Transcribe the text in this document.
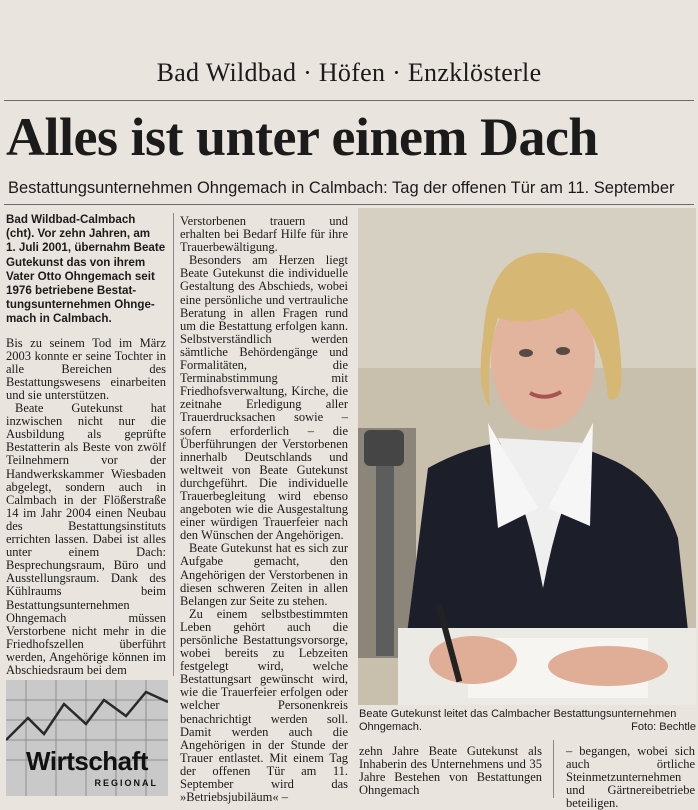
Bad Wildbad · Höfen · Enzklösterle
Alles ist unter einem Dach
Bestattungsunternehmen Ohngemach in Calmbach: Tag der offenen Tür am 11. September
Bad Wildbad-Calmbach
(cht). Vor zehn Jahren, am
1. Juli 2001, übernahm Beate
Gutekunst das von ihrem
Vater Otto Ohngemach seit
1976 betriebene Bestat-
tungsunternehmen Ohnge-
mach in Calmbach.

Bis zu seinem Tod im März 2003 konnte er seine Tochter in alle Bereichen des Bestattungswesens einarbeiten und sie unterstützen.

Beate Gutekunst hat inzwischen nicht nur die Ausbildung als geprüfte Bestatterin als Beste von zwölf Teilnehmern vor der Handwerkskammer Wiesbaden abgelegt, sondern auch in Calmbach in der Flößerstraße 14 im Jahr 2004 einen Neubau des Bestattungsinstituts errichten lassen. Dabei ist alles unter einem Dach: Besprechungsraum, Büro und Ausstellungsraum. Dank des Kühlraums beim Bestattungsunternehmen Ohngemach müssen Verstorbene nicht mehr in die Friedhofszellen überführt werden, Angehörige können im Abschiedsraum bei dem

Verstorbenen trauern und erhalten bei Bedarf Hilfe für ihre Trauerbewältigung.

Besonders am Herzen liegt Beate Gutekunst die individuelle Gestaltung des Abschieds, wobei eine persönliche und vertrauliche Beratung in allen Fragen rund um die Bestattung erfolgen kann. Selbstverständlich werden sämtliche Behördengänge und Formalitäten, die Terminabstimmung mit Friedhofsverwaltung, Kirche, die zeitnahe Erledigung aller Trauerdrucksachen sowie – sofern erforderlich – die Überführungen der Verstorbenen innerhalb Deutschlands und weltweit von Beate Gutekunst durchgeführt. Die individuelle Trauerbegleitung wird ebenso angeboten wie die Ausgestaltung einer würdigen Trauerfeier nach den Wünschen der Angehörigen.

Beate Gutekunst hat es sich zur Aufgabe gemacht, den Angehörigen der Verstorbenen in diesen schweren Zeiten in allen Belangen zur Seite zu stehen.

Zu einem selbstbestimmten Leben gehört auch die persönliche Bestattungsvorsorge, wobei bereits zu Lebzeiten festgelegt wird, welche Bestattungsart gewünscht wird, wie die Trauerfeier erfolgen oder welcher Personenkreis benachrichtigt werden soll. Damit werden auch die Angehörigen in der Stunde der Trauer entlastet. Mit einem Tag der offenen Tür am 11. September wird das »Betriebsjubiläum« –

Beate Gutekunst leitet das Calmbacher Bestattungsunternehmen Ohngemach.	Foto: Bechtle

zehn Jahre Beate Gutekunst als Inhaberin des Unternehmens und 35 Jahre Bestehen von Bestattungen Ohngemach

– begangen, wobei sich auch örtliche Steinmetzunternehmen und Gärtnereibetriebe beteiligen.

Wirtschaft
REGIONAL
